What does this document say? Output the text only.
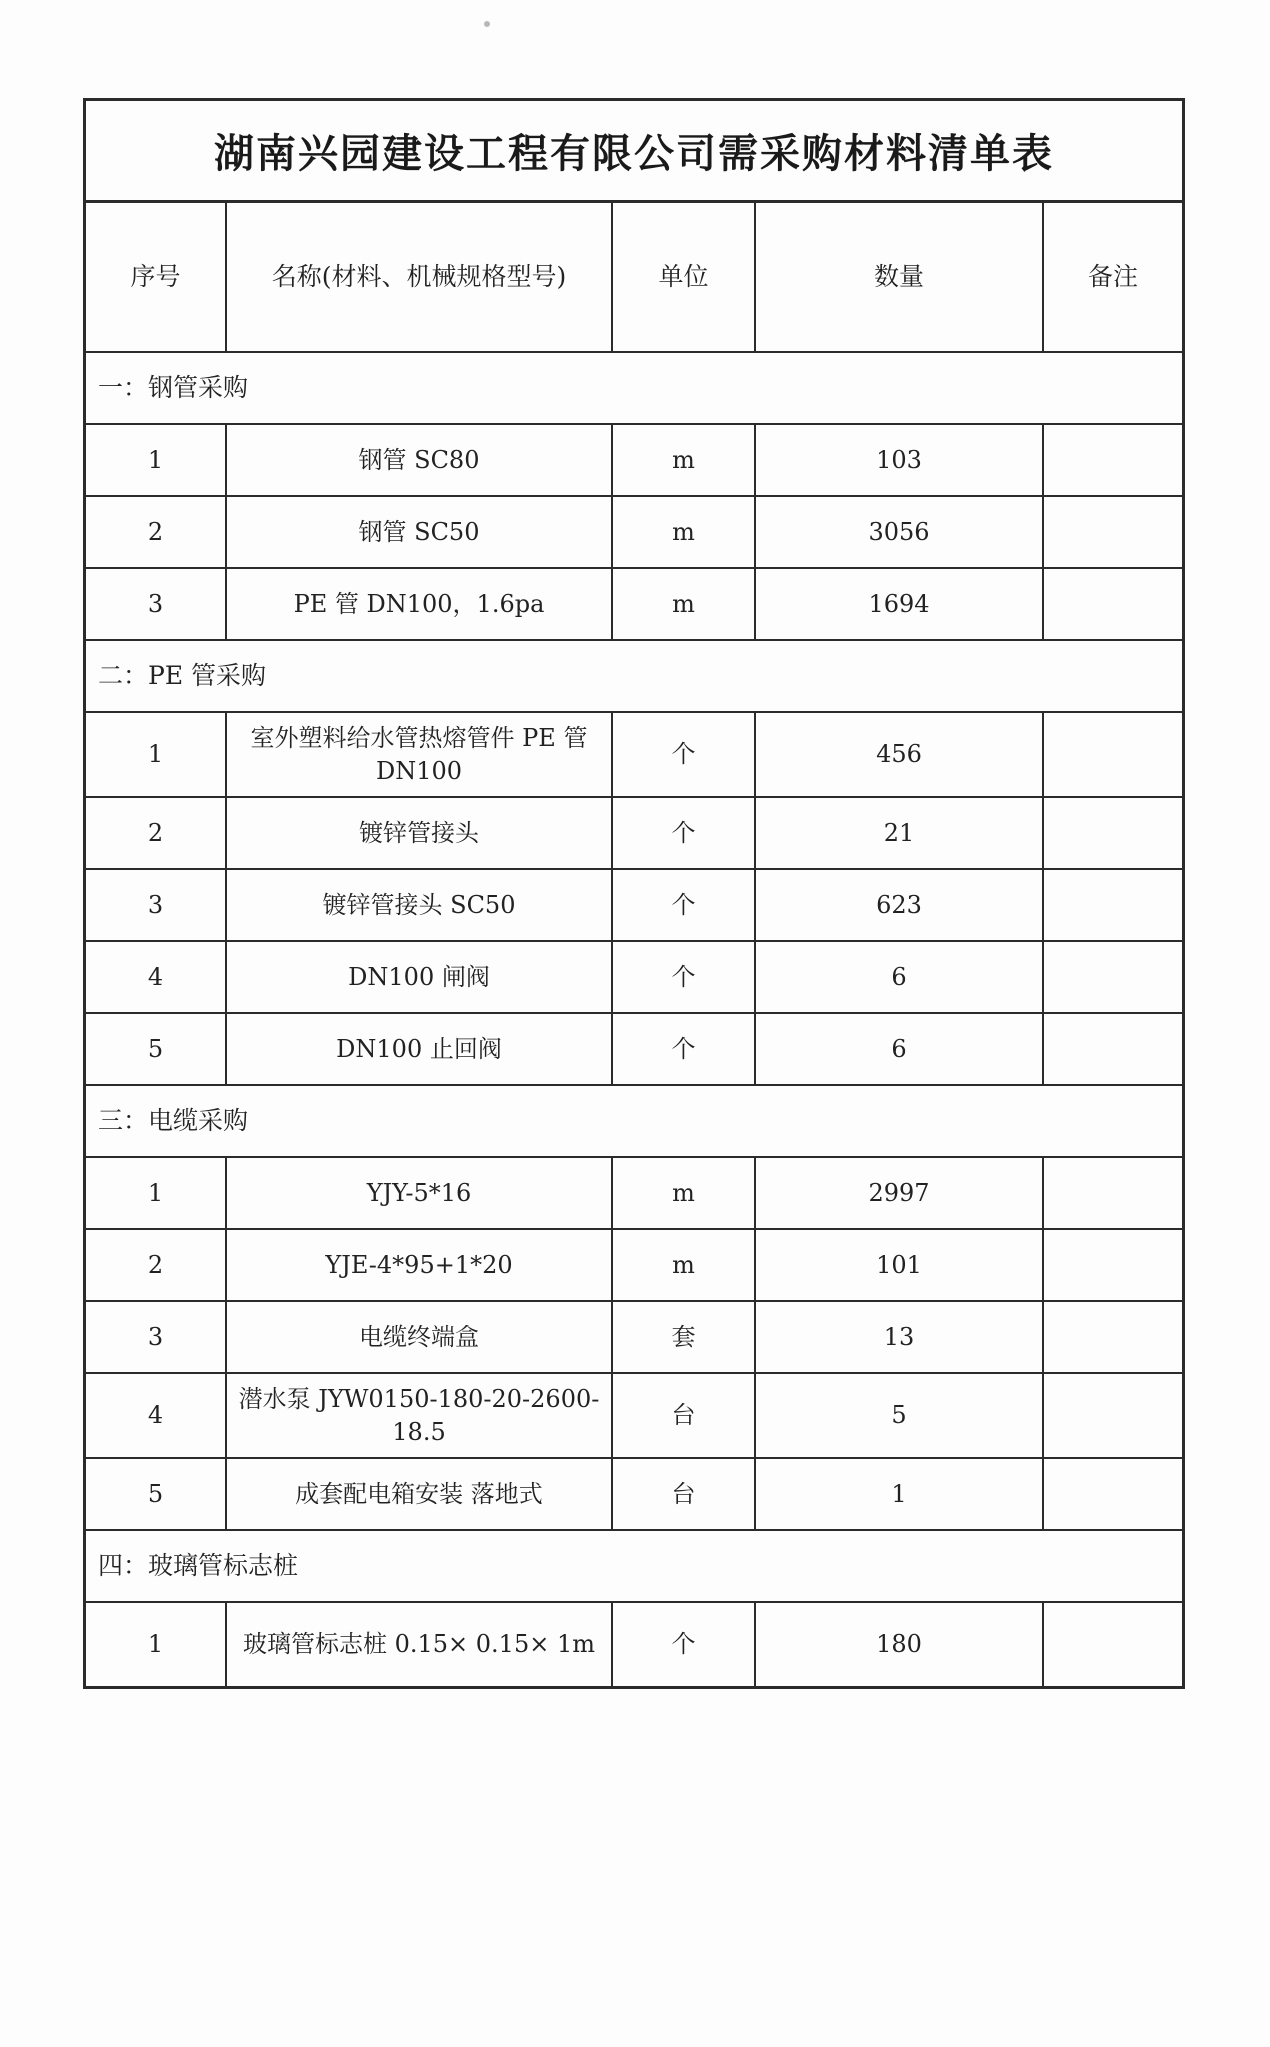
湖南兴园建设工程有限公司需采购材料清单表
序号	名称(材料、机械规格型号)	单位	数量	备注
一：钢管采购				
1	钢管 SC80	m	103	
2	钢管 SC50	m	3056	
3	PE 管 DN100，1.6pa	m	1694	
二：PE 管采购				
1	室外塑料给水管热熔管件 PE 管 DN100	个	456	
2	镀锌管接头	个	21	
3	镀锌管接头 SC50	个	623	
4	DN100 闸阀	个	6	
5	DN100 止回阀	个	6	
三：电缆采购				
1	YJY-5*16	m	2997	
2	YJE-4*95+1*20	m	101	
3	电缆终端盒	套	13	
4	潜水泵 JYW0150-180-20-2600-18.5	台	5	
5	成套配电箱安装 落地式	台	1	
四：玻璃管标志桩				
1	玻璃管标志桩 0.15× 0.15× 1m	个	180	
